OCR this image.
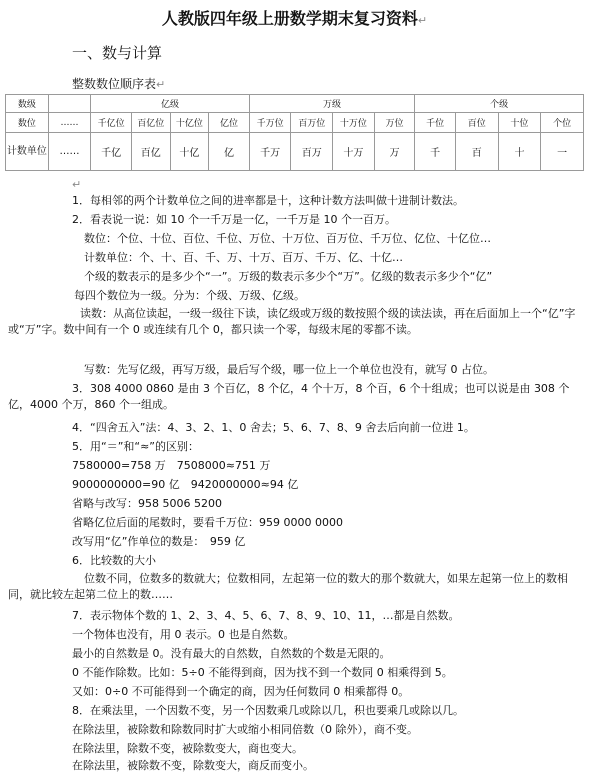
人教版四年级上册数学期末复习资料↵
一、数与计算
整数数位顺序表↵
数级		亿级				万级				个级			
数位	……	千亿位	百亿位	十亿位	亿位	千万位	百万位	十万位	万位	千位	百位	十位	个位
计数单位	……	千亿	百亿	十亿	亿	千万	百万	十万	万	千	百	十	一
↵
1．每相邻的两个计数单位之间的进率都是十，这种计数方法叫做十进制计数法。
2．看表说一说：如 10 个一千万是一亿，一千万是 10 个一百万。
数位：个位、十位、百位、千位、万位、十万位、百万位、千万位、亿位、十亿位…
计数单位：个、十、百、千、万、十万、百万、千万、亿、十亿…
个级的数表示的是多少个“一”。万级的数表示多少个“万”。亿级的数表示多少个“亿”
每四个数位为一级。分为：个级、万级、亿级。
读数：从高位读起，一级一级往下读，读亿级或万级的数按照个级的读法读，再在后面加上一个“亿”字或“万”字。数中间有一个 0 或连续有几个 0，都只读一个零，每级末尾的零都不读。
写数：先写亿级，再写万级，最后写个级，哪一位上一个单位也没有，就写 0 占位。
3．308 4000 0860 是由 3 个百亿，8 个亿，4 个十万，8 个百，6 个十组成；也可以说是由 308 个亿，4000 个万，860 个一组成。
4．“四舍五入”法：4、3、2、1、0 舍去；5、6、7、8、9 舍去后向前一位进 1。
5．用“＝”和“≈”的区别：
7580000=758 万　7508000≈751 万
9000000000=90 亿　9420000000≈94 亿
省略与改写：958 5006 5200
省略亿位后面的尾数时，要看千万位：959 0000 0000
改写用“亿”作单位的数是：　959 亿
6．比较数的大小
位数不同，位数多的数就大；位数相同，左起第一位的数大的那个数就大，如果左起第一位上的数相同，就比较左起第二位上的数……
7．表示物体个数的 1、2、3、4、5、6、7、8、9、10、11，…都是自然数。
一个物体也没有，用 0 表示。0 也是自然数。
最小的自然数是 0。没有最大的自然数，自然数的个数是无限的。
0 不能作除数。比如：5÷0 不能得到商，因为找不到一个数同 0 相乘得到 5。
又如：0÷0 不可能得到一个确定的商，因为任何数同 0 相乘都得 0。
8．在乘法里，一个因数不变，另一个因数乘几或除以几，积也要乘几或除以几。
在除法里，被除数和除数同时扩大或缩小相同倍数（0 除外），商不变。
在除法里，除数不变，被除数变大，商也变大。
在除法里，被除数不变，除数变大，商反而变小。
